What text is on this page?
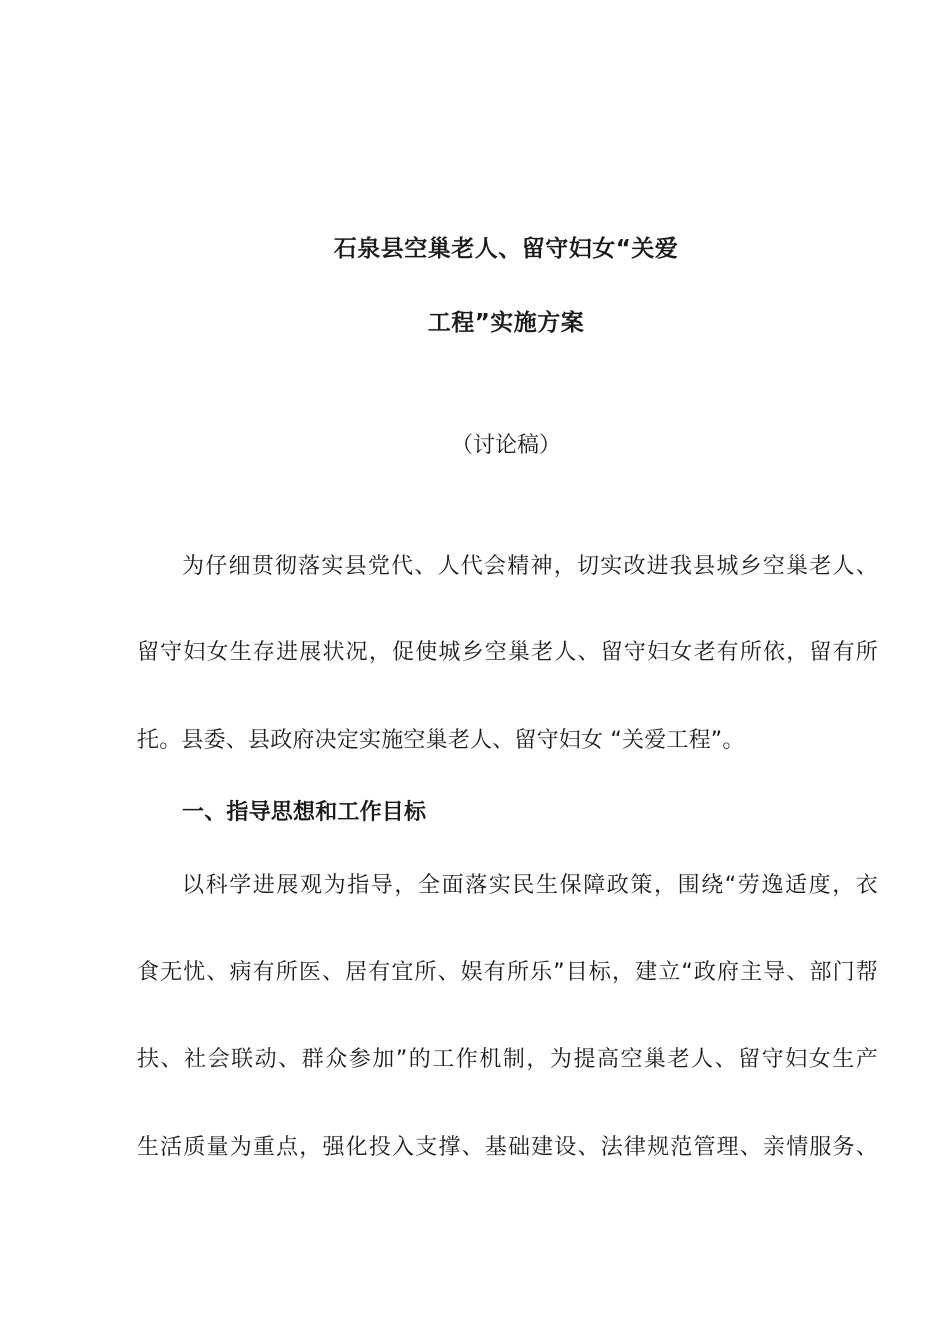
石泉县空巢老人、留守妇女“关爱
工程”实施方案
（讨论稿）
为仔细贯彻落实县党代、人代会精神，切实改进我县城乡空巢老人、
留守妇女生存进展状况，促使城乡空巢老人、留守妇女老有所依，留有所
托。县委、县政府决定实施空巢老人、留守妇女 “关爱工程”。
一、指导思想和工作目标
以科学进展观为指导，全面落实民生保障政策，围绕“劳逸适度，衣
食无忧、病有所医、居有宜所、娱有所乐”目标，建立“政府主导、部门帮
扶、社会联动、群众参加”的工作机制，为提高空巢老人、留守妇女生产
生活质量为重点，强化投入支撑、基础建设、法律规范管理、亲情服务、
